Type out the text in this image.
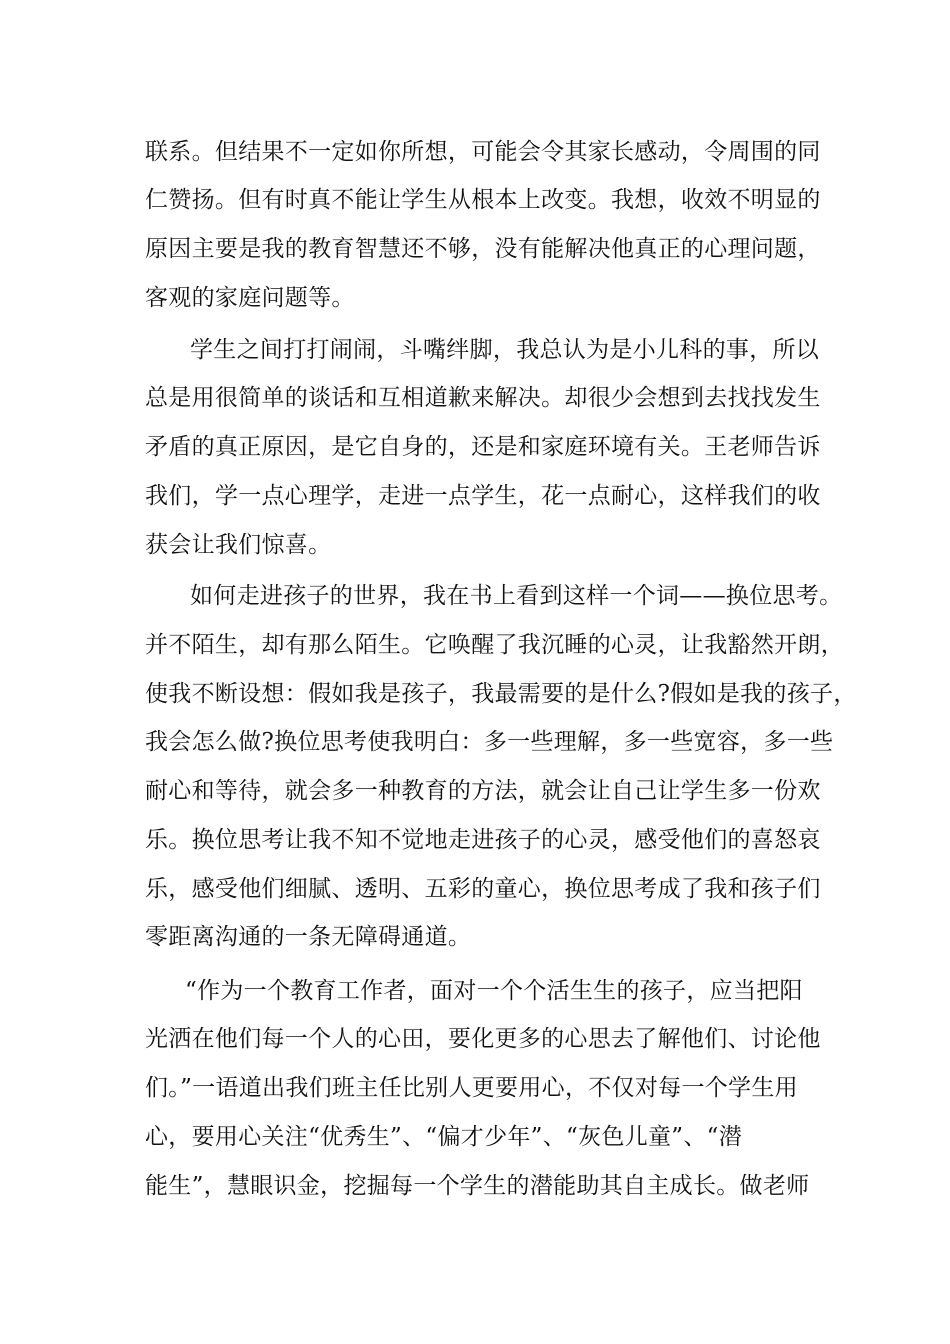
联系。但结果不一定如你所想，可能会令其家长感动，令周围的同
仁赞扬。但有时真不能让学生从根本上改变。我想，收效不明显的
原因主要是我的教育智慧还不够，没有能解决他真正的心理问题，
客观的家庭问题等。
学生之间打打闹闹，斗嘴绊脚，我总认为是小儿科的事，所以
总是用很简单的谈话和互相道歉来解决。却很少会想到去找找发生
矛盾的真正原因，是它自身的，还是和家庭环境有关。王老师告诉
我们，学一点心理学，走进一点学生，花一点耐心，这样我们的收
获会让我们惊喜。
如何走进孩子的世界，我在书上看到这样一个词——换位思考。
并不陌生，却有那么陌生。它唤醒了我沉睡的心灵，让我豁然开朗，
使我不断设想：假如我是孩子，我最需要的是什么?假如是我的孩子，
我会怎么做?换位思考使我明白：多一些理解，多一些宽容，多一些
耐心和等待，就会多一种教育的方法，就会让自己让学生多一份欢
乐。换位思考让我不知不觉地走进孩子的心灵，感受他们的喜怒哀
乐，感受他们细腻、透明、五彩的童心，换位思考成了我和孩子们
零距离沟通的一条无障碍通道。
“作为一个教育工作者，面对一个个活生生的孩子，应当把阳
光洒在他们每一个人的心田，要化更多的心思去了解他们、讨论他
们。”一语道出我们班主任比别人更要用心，不仅对每一个学生用
心，要用心关注“优秀生”、“偏才少年”、“灰色儿童”、“潜
能生”，慧眼识金，挖掘每一个学生的潜能助其自主成长。做老师
